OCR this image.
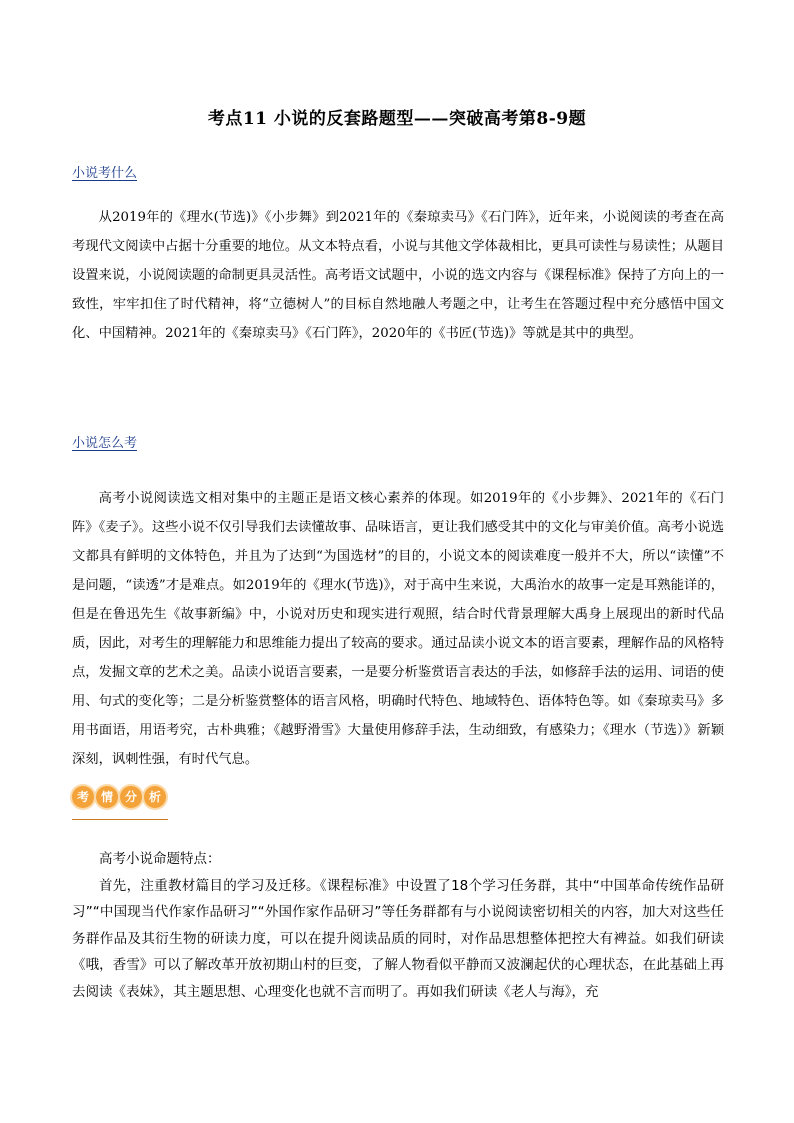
考点11 小说的反套路题型——突破高考第8-9题
小说考什么

从2019年的《理水(节选)》《小步舞》到2021年的《秦琼卖马》《石门阵》，近年来，小说阅读的考查在高考现代文阅读中占据十分重要的地位。从文本特点看，小说与其他文学体裁相比，更具可读性与易读性；从题目设置来说，小说阅读题的命制更具灵活性。高考语文试题中，小说的选文内容与《课程标准》保持了方向上的一致性，牢牢扣住了时代精神，将“立德树人”的目标自然地融人考题之中，让考生在答题过程中充分感悟中国文化、中国精神。2021年的《秦琼卖马》《石门阵》，2020年的《书匠(节选)》等就是其中的典型。

小说怎么考

高考小说阅读选文相对集中的主题正是语文核心素养的体现。如2019年的《小步舞》、2021年的《石门阵》《麦子》。这些小说不仅引导我们去读懂故事、品味语言，更让我们感受其中的文化与审美价值。高考小说选文都具有鲜明的文体特色，并且为了达到“为国选材”的目的，小说文本的阅读难度一般并不大，所以“读懂”不是问题，“读透”才是难点。如2019年的《理水(节选)》，对于高中生来说，大禹治水的故事一定是耳熟能详的，但是在鲁迅先生《故事新编》中，小说对历史和现实进行观照，结合时代背景理解大禹身上展现出的新时代品质，因此，对考生的理解能力和思维能力提出了较高的要求。通过品读小说文本的语言要素，理解作品的风格特点，发掘文章的艺术之美。品读小说语言要素，一是要分析鉴赏语言表达的手法，如修辞手法的运用、词语的使用、句式的变化等；二是分析鉴赏整体的语言风格，明确时代特色、地域特色、语体特色等。如《秦琼卖马》多用书面语，用语考究，古朴典雅；《越野滑雪》大量使用修辞手法，生动细致，有感染力；《理水（节选）》新颖深刻，讽刺性强，有时代气息。

考 情 分 析

高考小说命题特点：

首先，注重教材篇目的学习及迁移。《课程标准》中设置了18个学习任务群，其中“中国革命传统作品研习”“中国现当代作家作品研习”“外国作家作品研习”等任务群都有与小说阅读密切相关的内容，加大对这些任务群作品及其衍生物的研读力度，可以在提升阅读品质的同时，对作品思想整体把控大有裨益。如我们研读《哦，香雪》可以了解改革开放初期山村的巨变，了解人物看似平静而又波澜起伏的心理状态，在此基础上再去阅读《表妹》，其主题思想、心理变化也就不言而明了。再如我们研读《老人与海》，充
